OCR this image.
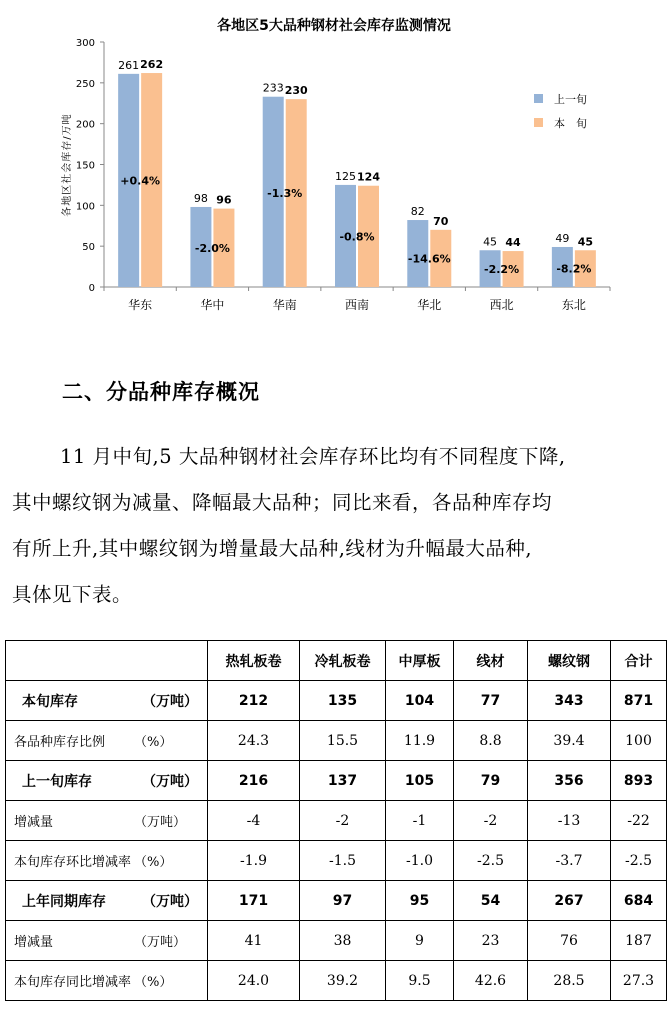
各地区5大品种钢材社会库存监测情况
0
50
100
150
200
250
300
各地区社会库存/万吨
261 262
+0.4%
华东
98 96
-2.0%
华中
233 230
-1.3%
华南
125 124
-0.8%
西南
82
70
-14.6%
华北
45 44
-2.2%
西北
49 45
-8.2%
东北
上一旬
本　旬
二、分品种库存概况
11 月中旬,5 大品种钢材社会库存环比均有不同程度下降,
其中螺纹钢为减量、降幅最大品种；同比来看，各品种库存均
有所上升,其中螺纹钢为增量最大品种,线材为升幅最大品种,
具体见下表。
	热轧板卷	冷轧板卷	中厚板	线材	螺纹钢	合计
本旬库存 （万吨）	212	135	104	77	343	871
各品种库存比例 （%）	24.3	15.5	11.9	8.8	39.4	100
上一旬库存 （万吨）	216	137	105	79	356	893
增减量 （万吨）	-4	-2	-1	-2	-13	-22
本旬库存环比增减率 （%）	-1.9	-1.5	-1.0	-2.5	-3.7	-2.5
上年同期库存 （万吨）	171	97	95	54	267	684
增减量 （万吨）	41	38	9	23	76	187
本旬库存同比增减率 （%）	24.0	39.2	9.5	42.6	28.5	27.3
